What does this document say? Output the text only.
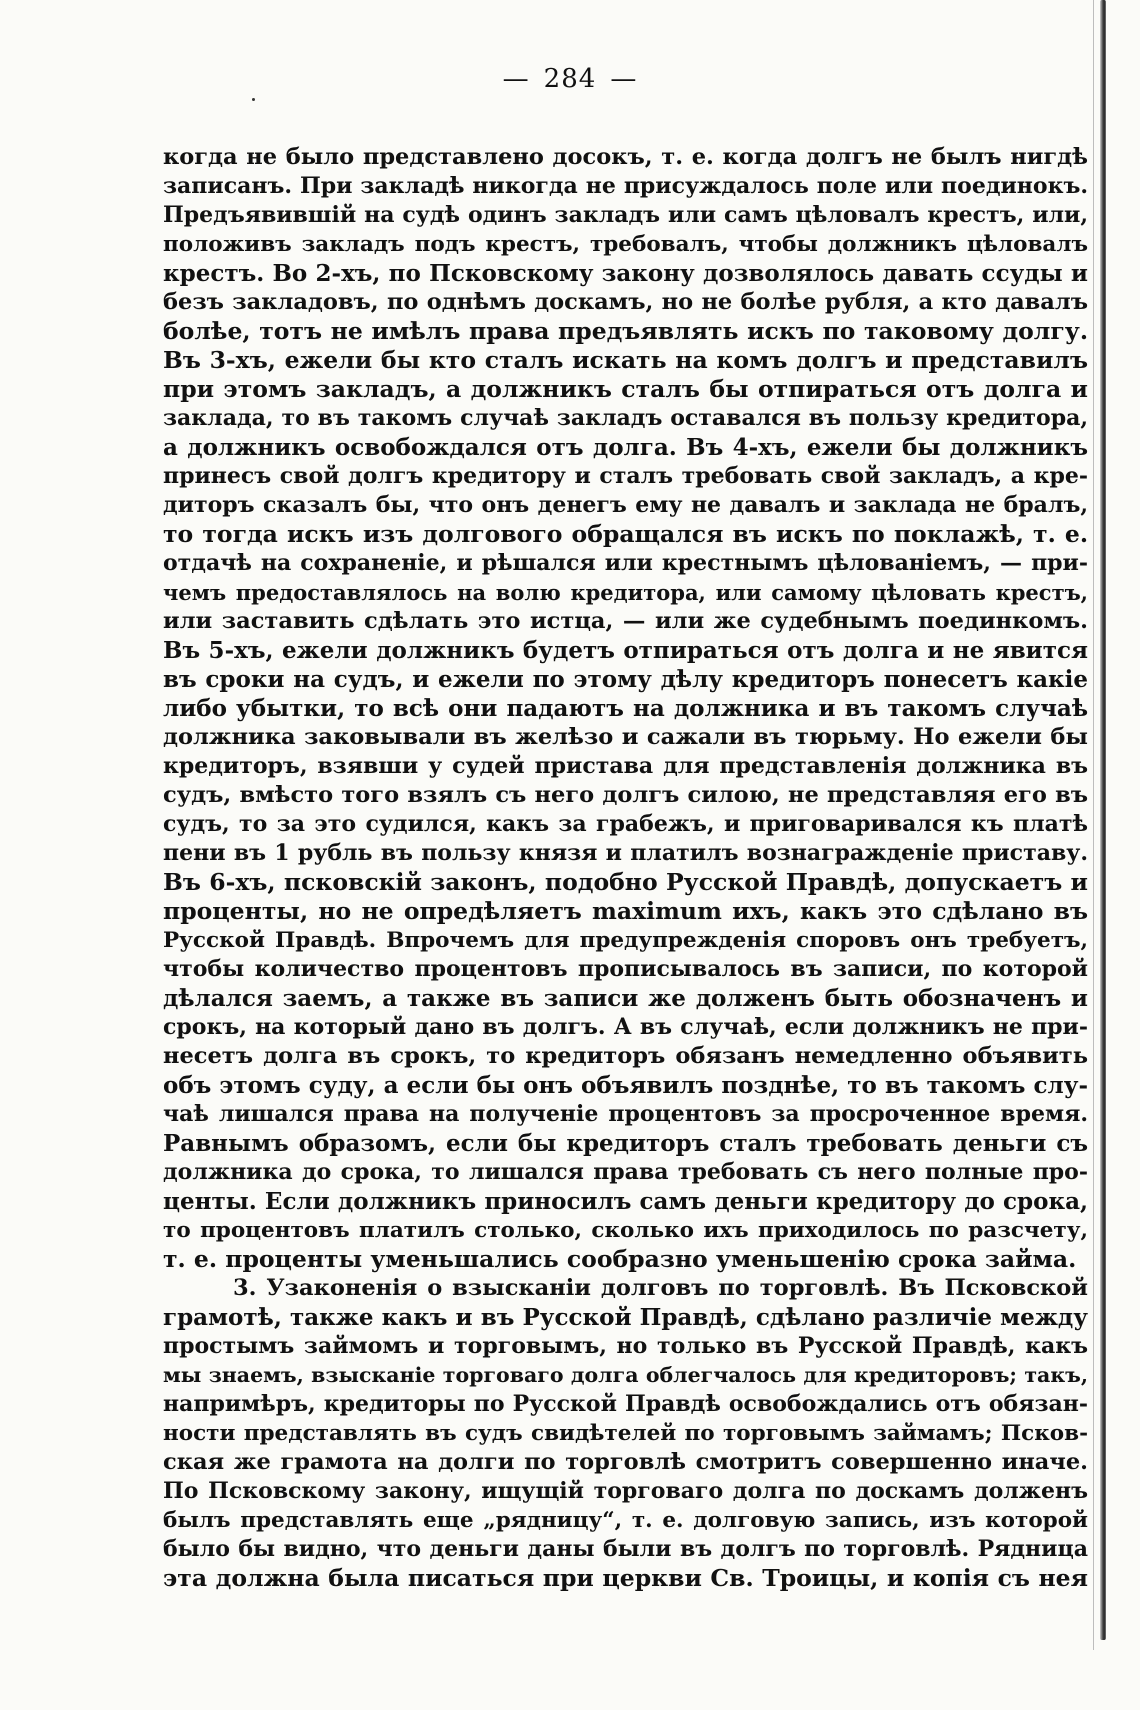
— 284 —
когда не было представлено досокъ, т. е. когда долгъ не былъ нигдѣ
записанъ. При закладѣ никогда не присуждалось поле или поединокъ.
Предъявившій на судѣ одинъ закладъ или самъ цѣловалъ крестъ, или,
положивъ закладъ подъ крестъ, требовалъ, чтобы должникъ цѣловалъ
крестъ. Во 2-хъ, по Псковскому закону дозволялось давать ссуды и
безъ закладовъ, по однѣмъ доскамъ, но не болѣе рубля, а кто давалъ
болѣе, тотъ не имѣлъ права предъявлять искъ по таковому долгу.
Въ 3-хъ, ежели бы кто сталъ искать на комъ долгъ и представилъ
при этомъ закладъ, а должникъ сталъ бы отпираться отъ долга и
заклада, то въ такомъ случаѣ закладъ оставался въ пользу кредитора,
а должникъ освобождался отъ долга. Въ 4-хъ, ежели бы должникъ
принесъ свой долгъ кредитору и сталъ требовать свой закладъ, а кре-
диторъ сказалъ бы, что онъ денегъ ему не давалъ и заклада не бралъ,
то тогда искъ изъ долгового обращался въ искъ по поклажѣ, т. е.
отдачѣ на сохраненіе, и рѣшался или крестнымъ цѣлованіемъ, — при-
чемъ предоставлялось на волю кредитора, или самому цѣловать крестъ,
или заставить сдѣлать это истца, — или же судебнымъ поединкомъ.
Въ 5-хъ, ежели должникъ будетъ отпираться отъ долга и не явится
въ сроки на судъ, и ежели по этому дѣлу кредиторъ понесетъ какіе
либо убытки, то всѣ они падаютъ на должника и въ такомъ случаѣ
должника заковывали въ желѣзо и сажали въ тюрьму. Но ежели бы
кредиторъ, взявши у судей пристава для представленія должника въ
судъ, вмѣсто того взялъ съ него долгъ силою, не представляя его въ
судъ, то за это судился, какъ за грабежъ, и приговаривался къ платѣ
пени въ 1 рубль въ пользу князя и платилъ вознагражденіе приставу.
Въ 6-хъ, псковскій законъ, подобно Русской Правдѣ, допускаетъ и
проценты, но не опредѣляетъ maximum ихъ, какъ это сдѣлано въ
Русской Правдѣ. Впрочемъ для предупрежденія споровъ онъ требуетъ,
чтобы количество процентовъ прописывалось въ записи, по которой
дѣлался заемъ, а также въ записи же долженъ быть обозначенъ и
срокъ, на который дано въ долгъ. А въ случаѣ, если должникъ не при-
несетъ долга въ срокъ, то кредиторъ обязанъ немедленно объявить
объ этомъ суду, а если бы онъ объявилъ позднѣе, то въ такомъ слу-
чаѣ лишался права на полученіе процентовъ за просроченное время.
Равнымъ образомъ, если бы кредиторъ сталъ требовать деньги съ
должника до срока, то лишался права требовать съ него полные про-
центы. Если должникъ приносилъ самъ деньги кредитору до срока,
то процентовъ платилъ столько, сколько ихъ приходилось по разсчету,
т. е. проценты уменьшались сообразно уменьшенію срока займа.
3. Узаконенія о взысканіи долговъ по торговлѣ. Въ Псковской
грамотѣ, также какъ и въ Русской Правдѣ, сдѣлано различіе между
простымъ займомъ и торговымъ, но только въ Русской Правдѣ, какъ
мы знаемъ, взысканіе торговаго долга облегчалось для кредиторовъ; такъ,
напримѣръ, кредиторы по Русской Правдѣ освобождались отъ обязан-
ности представлять въ судъ свидѣтелей по торговымъ займамъ; Псков-
ская же грамота на долги по торговлѣ смотритъ совершенно иначе.
По Псковскому закону, ищущій торговаго долга по доскамъ долженъ
былъ представлять еще „рядницу“, т. е. долговую запись, изъ которой
было бы видно, что деньги даны были въ долгъ по торговлѣ. Рядница
эта должна была писаться при церкви Св. Троицы, и копія съ нея
